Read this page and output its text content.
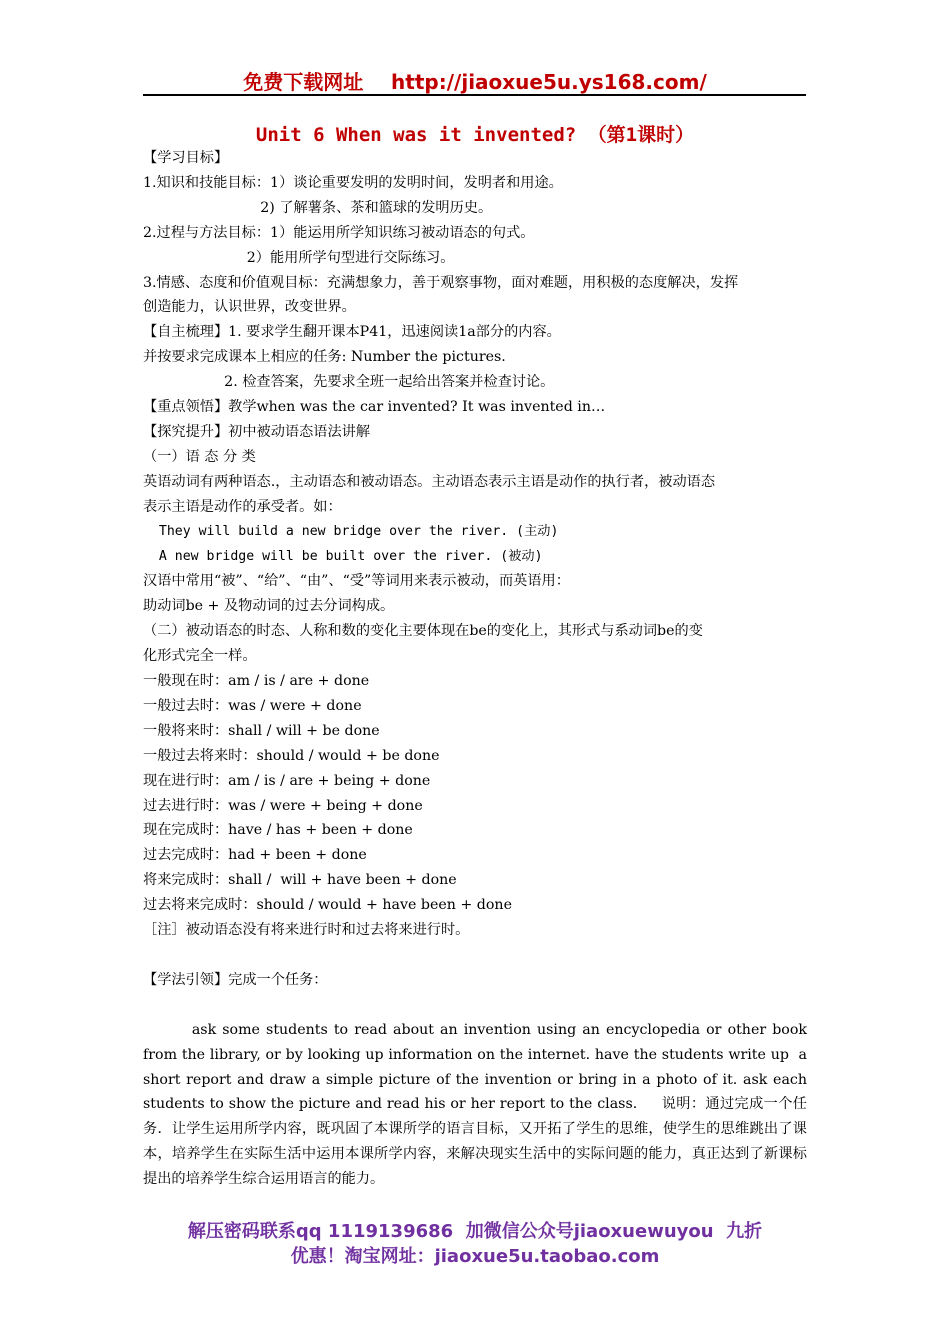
免费下载网址    http://jiaoxue5u.ys168.com/
Unit 6 When was it invented? （第1课时）

【学习目标】

1.知识和技能目标：1）谈论重要发明的发明时间，发明者和用途。

2) 了解薯条、茶和篮球的发明历史。

2.过程与方法目标：1）能运用所学知识练习被动语态的句式。

2）能用所学句型进行交际练习。

3.情感、态度和价值观目标：充满想象力，善于观察事物，面对难题，用积极的态度解决，发挥

创造能力，认识世界，改变世界。

【自主梳理】1. 要求学生翻开课本P41，迅速阅读1a部分的内容。

并按要求完成课本上相应的任务: Number the pictures.

2. 检查答案，先要求全班一起给出答案并检查讨论。

【重点领悟】教学when was the car invented? It was invented in…

【探究提升】初中被动语态语法讲解

（一）语 态 分 类

英语动词有两种语态.，主动语态和被动语态。主动语态表示主语是动作的执行者，被动语态

表示主语是动作的承受者。如：

They will build a new bridge over the river. (主动)

A new bridge will be built over the river. (被动)

汉语中常用“被”、“给”、“由”、“受”等词用来表示被动，而英语用：

助动词be + 及物动词的过去分词构成。

（二）被动语态的时态、人称和数的变化主要体现在be的变化上，其形式与系动词be的变

化形式完全一样。

一般现在时：am / is / are + done

一般过去时：was / were + done

一般将来时：shall / will + be done

一般过去将来时：should / would + be done

现在进行时：am / is / are + being + done

过去进行时：was / were + being + done

现在完成时：have / has + been + done

过去完成时：had + been + done

将来完成时：shall /  will + have been + done

过去将来完成时：should / would + have been + done

［注］被动语态没有将来进行时和过去将来进行时。

【学法引领】完成一个任务：

ask some students to read about an invention using an encyclopedia or other book  from the library, or by looking up information on the internet. have the students write up  a short report and draw a simple picture of the invention or bring in a photo of it. ask each  students to show the picture and read his or her report to the class.     说明：通过完成一个任务．让学生运用所学内容，既巩固了本课所学的语言目标，又开拓了学生的思维，使学生的思维跳出了课本，培养学生在实际生活中运用本课所学内容，来解决现实生活中的实际问题的能力，真正达到了新课标提出的培养学生综合运用语言的能力。

解压密码联系qq 1119139686  加微信公众号jiaoxuewuyou  九折

优惠！淘宝网址：jiaoxue5u.taobao.com
